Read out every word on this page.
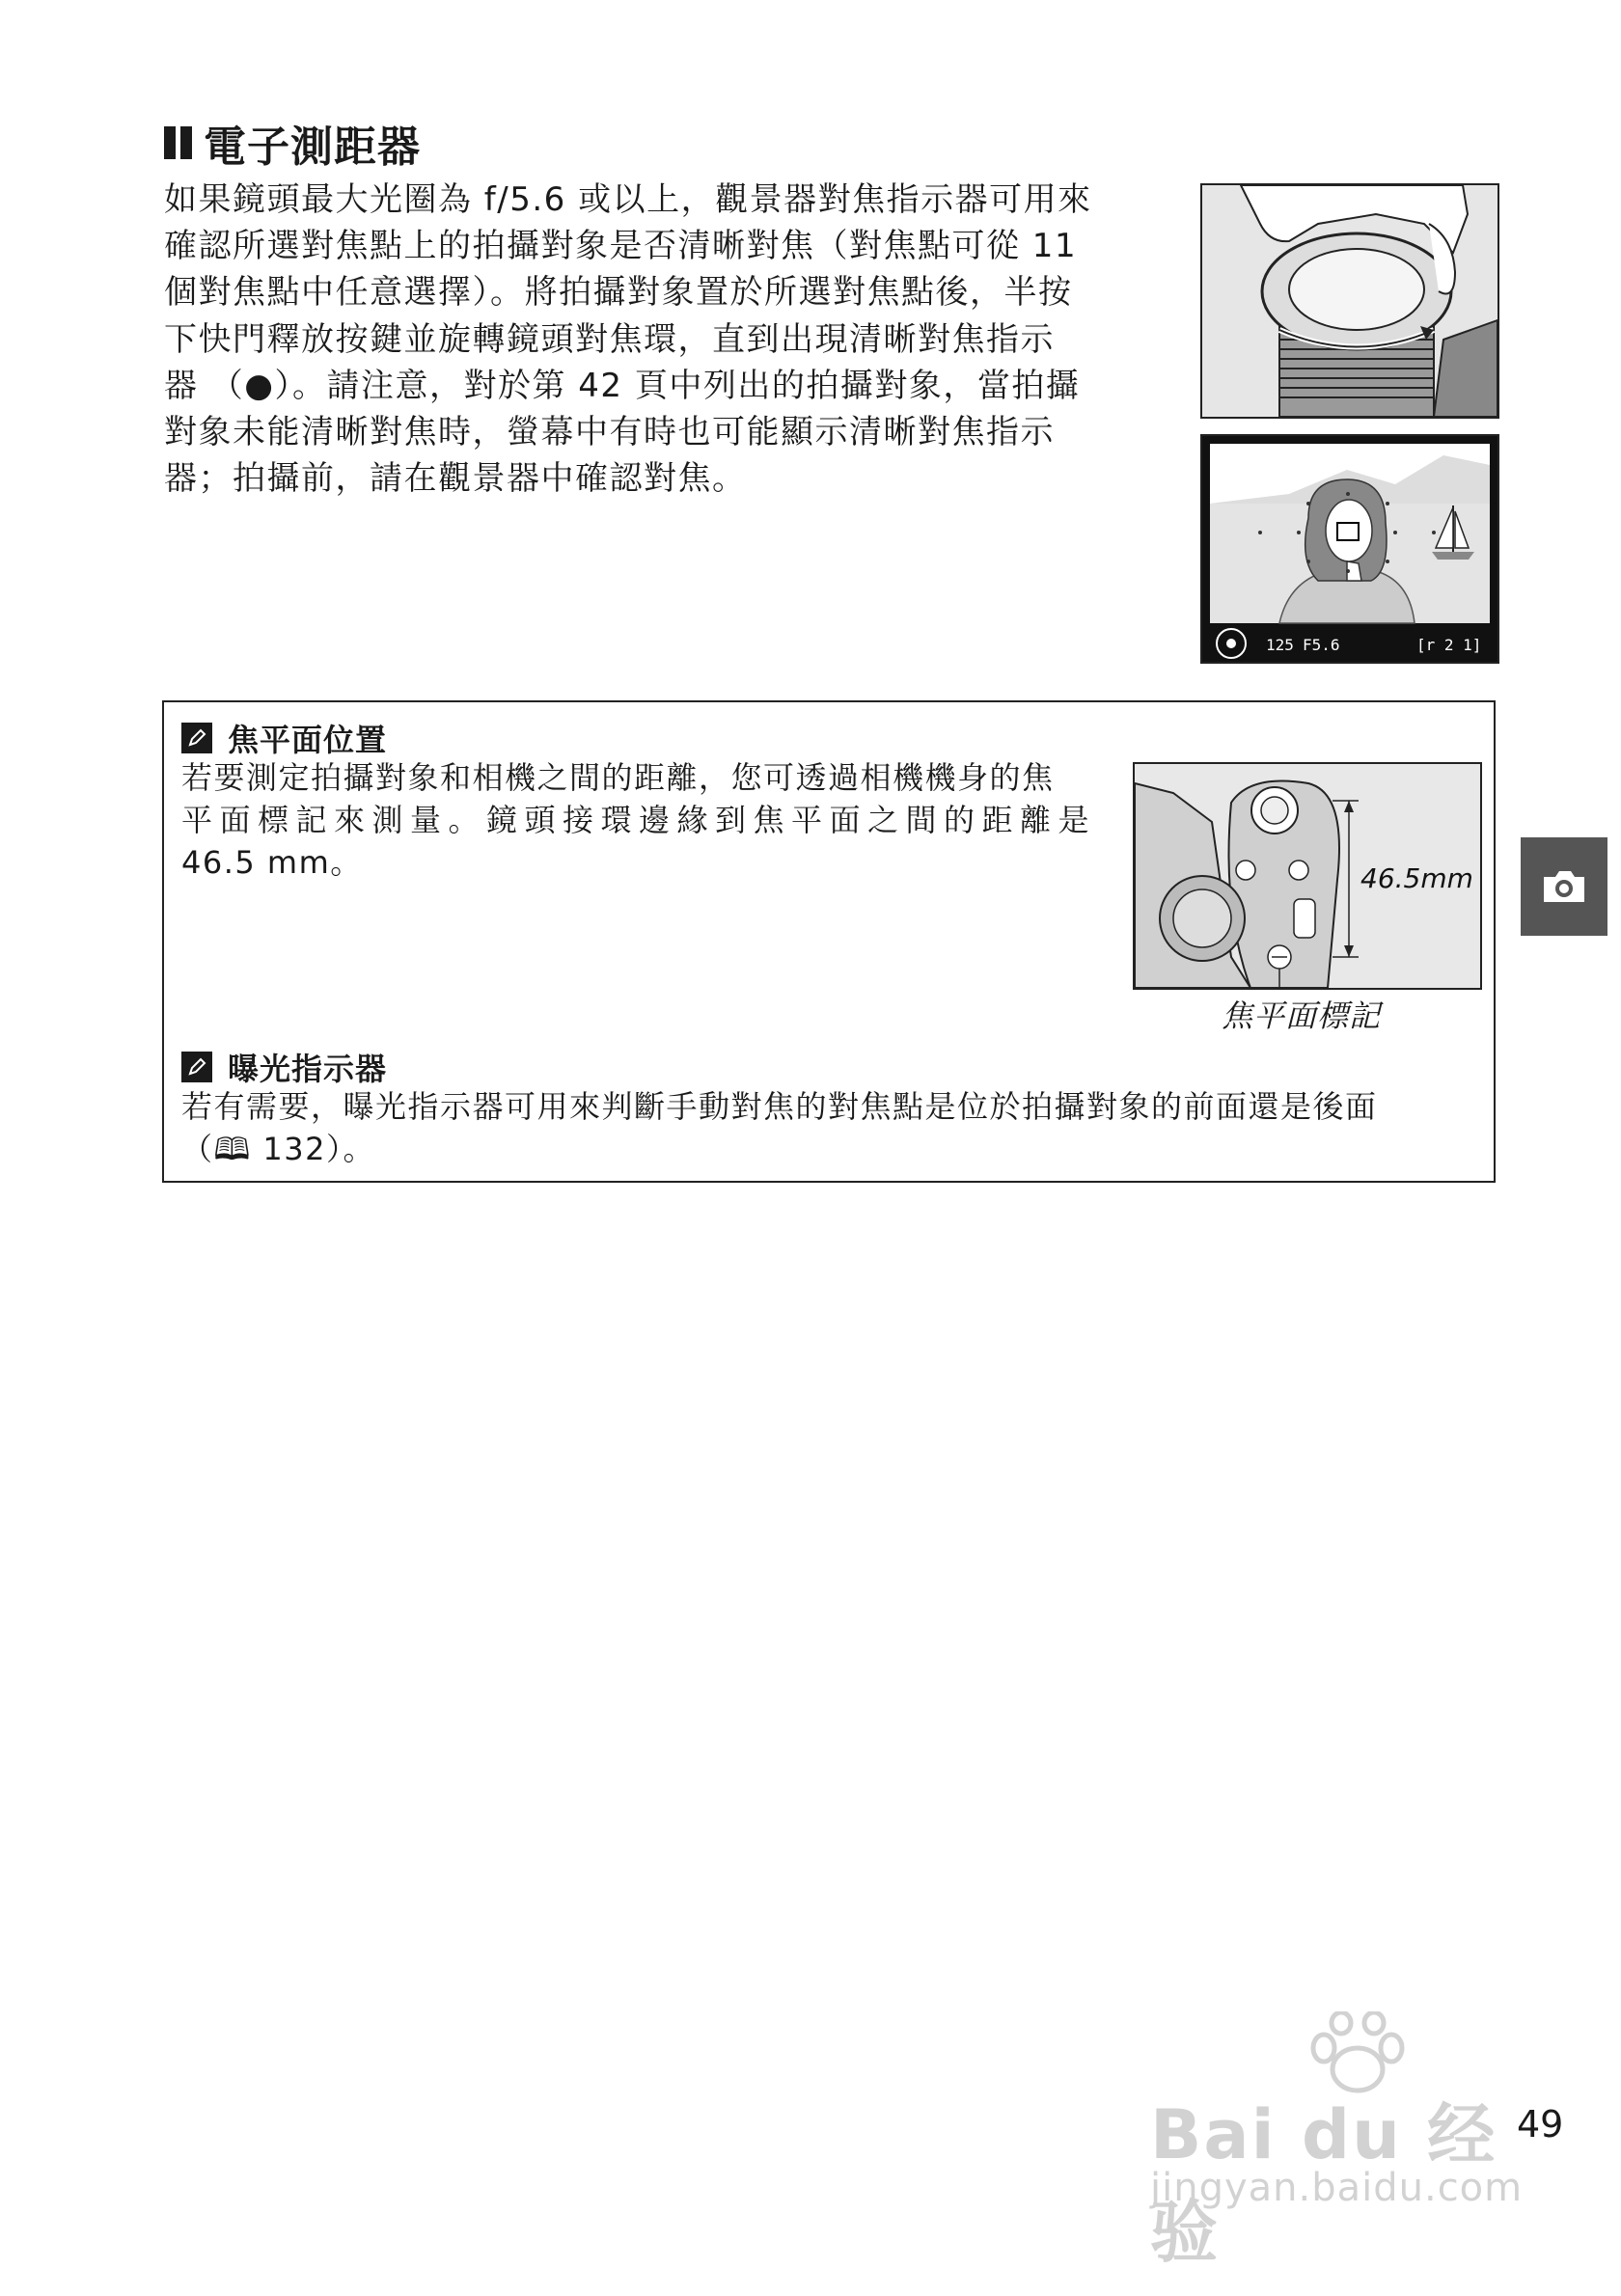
電子測距器

如果鏡頭最大光圈為 f/5.6 或以上，觀景器對焦指示器可用來

確認所選對焦點上的拍攝對象是否清晰對焦（對焦點可從 11

個對焦點中任意選擇）。將拍攝對象置於所選對焦點後，半按

下快門釋放按鍵並旋轉鏡頭對焦環，直到出現清晰對焦指示

器 （●）。請注意，對於第 42 頁中列出的拍攝對象，當拍攝

對象未能清晰對焦時，螢幕中有時也可能顯示清晰對焦指示

器；拍攝前，請在觀景器中確認對焦。

125 F5.6	[r 2 1]
焦平面位置

若要測定拍攝對象和相機之間的距離，您可透過相機機身的焦

平面標記來測量。鏡頭接環邊緣到焦平面之間的距離是

46.5 mm。	46.5mm
焦平面標記
曝光指示器

若有需要，曝光指示器可用來判斷手動對焦的對焦點是位於拍攝對象的前面還是後面

（🕮 132）。

Bai du 经验
jingyan.baidu.com
49
